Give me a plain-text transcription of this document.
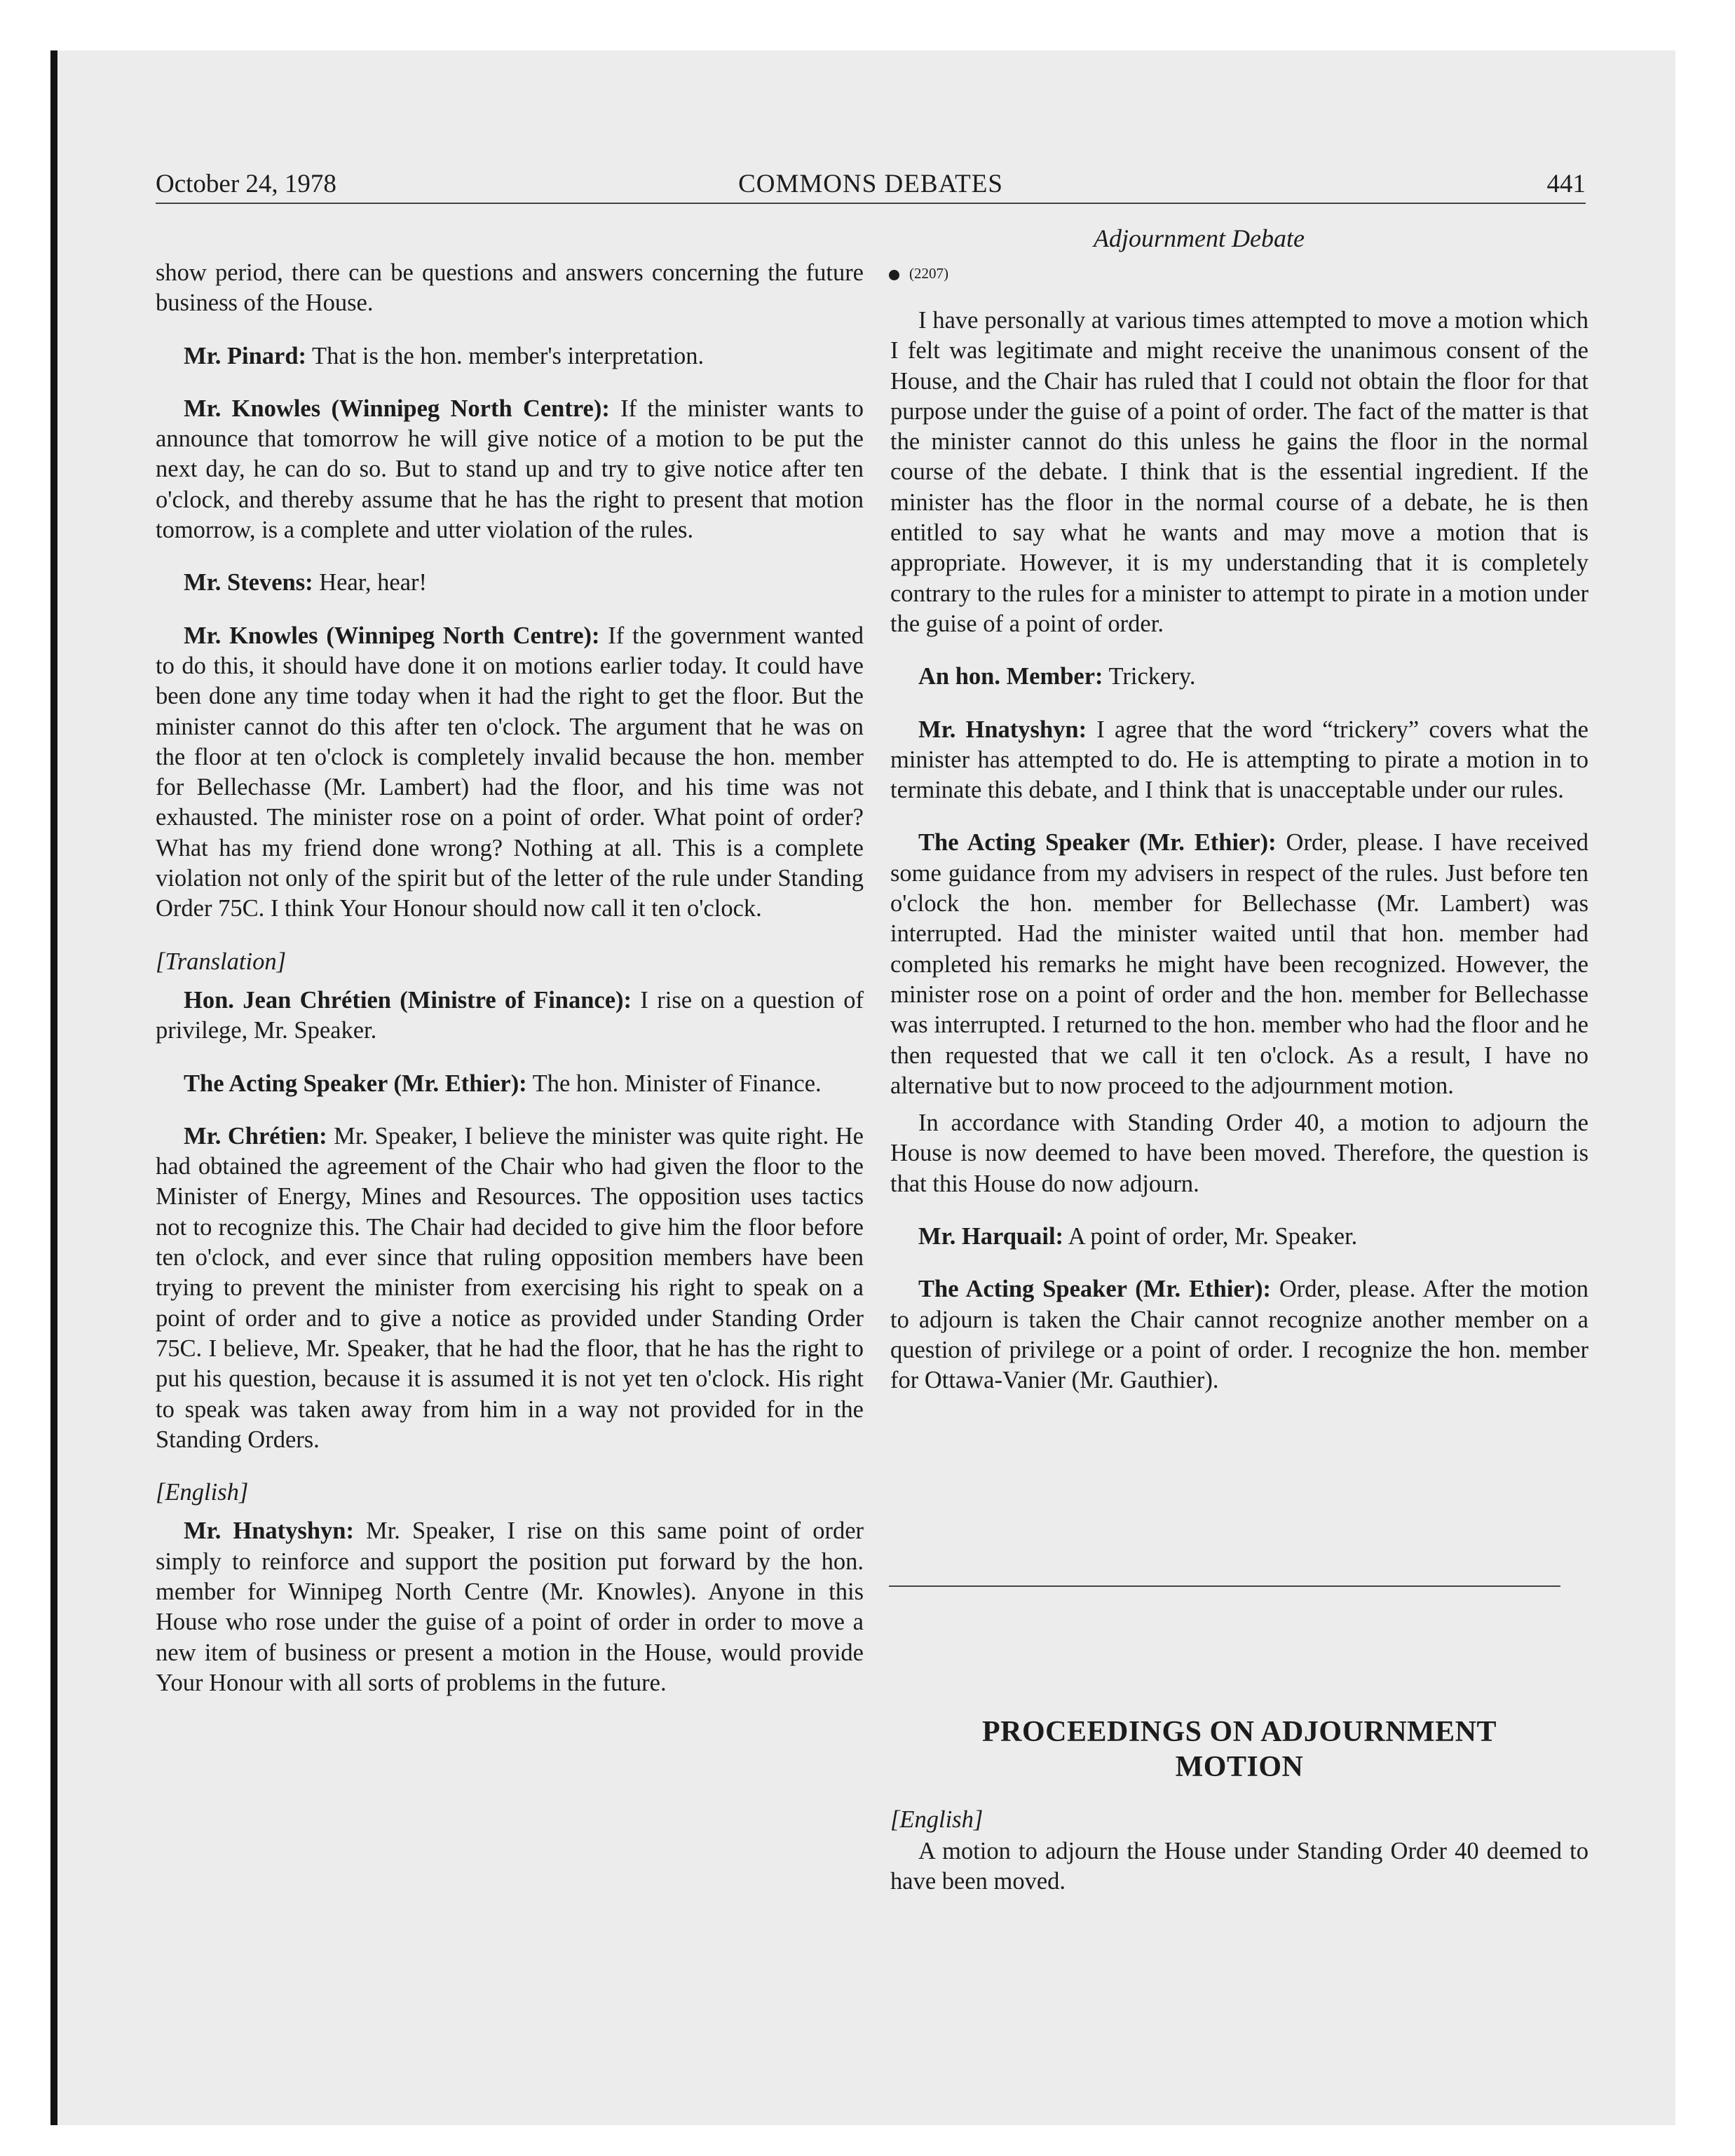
October 24, 1978	COMMONS DEBATES	441
Adjournment Debate
(2207)

show period, there can be questions and answers concerning the future business of the House.

Mr. Pinard: That is the hon. member's interpretation.

Mr. Knowles (Winnipeg North Centre): If the minister wants to announce that tomorrow he will give notice of a motion to be put the next day, he can do so. But to stand up and try to give notice after ten o'clock, and thereby assume that he has the right to present that motion tomorrow, is a complete and utter violation of the rules.

Mr. Stevens: Hear, hear!

Mr. Knowles (Winnipeg North Centre): If the government wanted to do this, it should have done it on motions earlier today. It could have been done any time today when it had the right to get the floor. But the minister cannot do this after ten o'clock. The argument that he was on the floor at ten o'clock is completely invalid because the hon. member for Bellechasse (Mr. Lambert) had the floor, and his time was not exhausted. The minister rose on a point of order. What point of order? What has my friend done wrong? Nothing at all. This is a complete violation not only of the spirit but of the letter of the rule under Standing Order 75C. I think Your Honour should now call it ten o'clock.

[Translation]

Hon. Jean Chrétien (Ministre of Finance): I rise on a question of privilege, Mr. Speaker.

The Acting Speaker (Mr. Ethier): The hon. Minister of Finance.

Mr. Chrétien: Mr. Speaker, I believe the minister was quite right. He had obtained the agreement of the Chair who had given the floor to the Minister of Energy, Mines and Resources. The opposition uses tactics not to recognize this. The Chair had decided to give him the floor before ten o'clock, and ever since that ruling opposition members have been trying to prevent the minister from exercising his right to speak on a point of order and to give a notice as provided under Standing Order 75C. I believe, Mr. Speaker, that he had the floor, that he has the right to put his question, because it is assumed it is not yet ten o'clock. His right to speak was taken away from him in a way not provided for in the Standing Orders.

[English]

Mr. Hnatyshyn: Mr. Speaker, I rise on this same point of order simply to reinforce and support the position put forward by the hon. member for Winnipeg North Centre (Mr. Knowles). Anyone in this House who rose under the guise of a point of order in order to move a new item of business or present a motion in the House, would provide Your Honour with all sorts of problems in the future.

I have personally at various times attempted to move a motion which I felt was legitimate and might receive the unanimous consent of the House, and the Chair has ruled that I could not obtain the floor for that purpose under the guise of a point of order. The fact of the matter is that the minister cannot do this unless he gains the floor in the normal course of the debate. I think that is the essential ingredient. If the minister has the floor in the normal course of a debate, he is then entitled to say what he wants and may move a motion that is appropriate. However, it is my understanding that it is completely contrary to the rules for a minister to attempt to pirate in a motion under the guise of a point of order.

An hon. Member: Trickery.

Mr. Hnatyshyn: I agree that the word “trickery” covers what the minister has attempted to do. He is attempting to pirate a motion in to terminate this debate, and I think that is unacceptable under our rules.

The Acting Speaker (Mr. Ethier): Order, please. I have received some guidance from my advisers in respect of the rules. Just before ten o'clock the hon. member for Bellechasse (Mr. Lambert) was interrupted. Had the minister waited until that hon. member had completed his remarks he might have been recognized. However, the minister rose on a point of order and the hon. member for Bellechasse was interrupted. I returned to the hon. member who had the floor and he then requested that we call it ten o'clock. As a result, I have no alternative but to now proceed to the adjournment motion.

In accordance with Standing Order 40, a motion to adjourn the House is now deemed to have been moved. Therefore, the question is that this House do now adjourn.

Mr. Harquail: A point of order, Mr. Speaker.

The Acting Speaker (Mr. Ethier): Order, please. After the motion to adjourn is taken the Chair cannot recognize another member on a question of privilege or a point of order. I recognize the hon. member for Ottawa-Vanier (Mr. Gauthier).

PROCEEDINGS ON ADJOURNMENT
MOTION
[English]
A motion to adjourn the House under Standing Order 40 deemed to have been moved.
